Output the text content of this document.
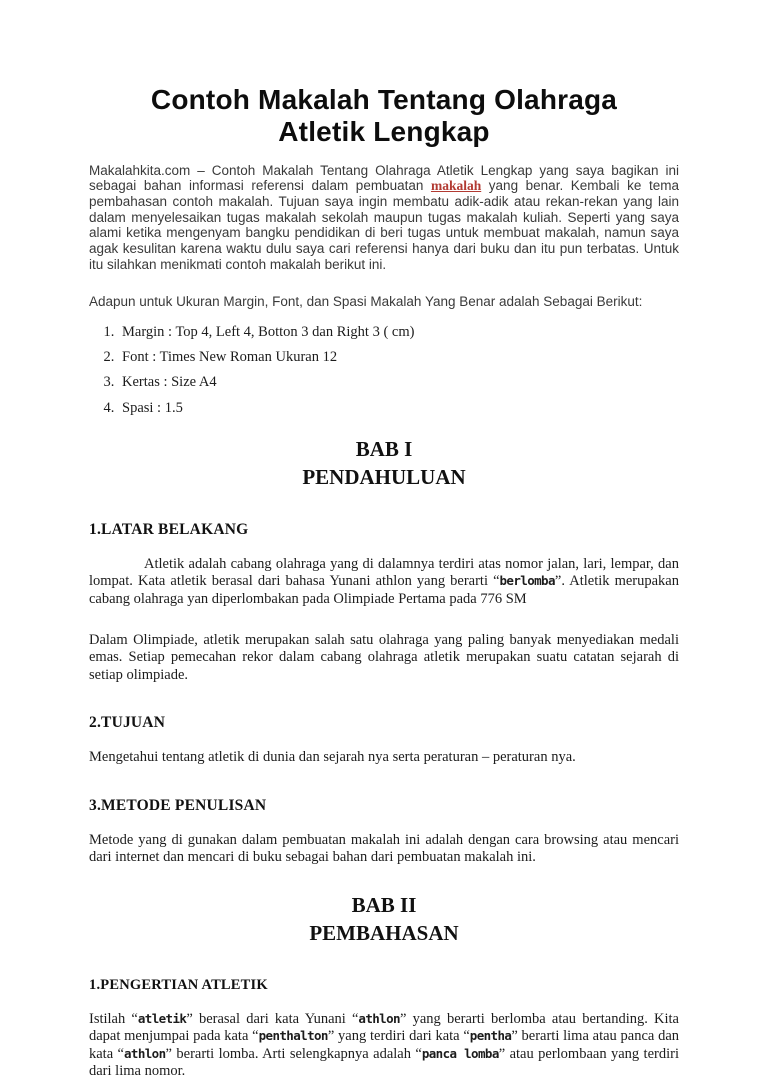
Contoh Makalah Tentang Olahraga
Atletik Lengkap

Makalahkita.com – Contoh Makalah Tentang Olahraga Atletik Lengkap yang saya bagikan ini sebagai bahan informasi referensi dalam pembuatan makalah yang benar. Kembali ke tema pembahasan contoh makalah. Tujuan saya ingin membatu adik-adik atau rekan-rekan yang lain dalam menyelesaikan tugas makalah sekolah maupun tugas makalah kuliah. Seperti yang saya alami ketika mengenyam bangku pendidikan di beri tugas untuk membuat makalah, namun saya agak kesulitan karena waktu dulu saya cari referensi hanya dari buku dan itu pun terbatas. Untuk itu silahkan menikmati contoh makalah berikut ini.

Adapun untuk Ukuran Margin, Font, dan Spasi Makalah Yang Benar adalah Sebagai Berikut:

1. Margin : Top 4, Left 4, Botton 3 dan Right 3 ( cm)
2. Font : Times New Roman Ukuran 12
3. Kertas : Size A4
4. Spasi : 1.5
BAB I
PENDAHULUAN
1.LATAR BELAKANG

Atletik adalah cabang olahraga yang di dalamnya terdiri atas nomor jalan, lari, lempar, dan lompat. Kata atletik berasal dari bahasa Yunani athlon yang berarti “berlomba”. Atletik merupakan cabang olahraga yan diperlombakan pada Olimpiade Pertama pada 776 SM

Dalam Olimpiade, atletik merupakan salah satu olahraga yang paling banyak menyediakan medali emas. Setiap pemecahan rekor dalam cabang olahraga atletik merupakan suatu catatan sejarah di setiap olimpiade.

2.TUJUAN

Mengetahui tentang atletik di dunia dan sejarah nya serta peraturan – peraturan nya.

3.METODE PENULISAN

Metode yang di gunakan dalam pembuatan makalah ini adalah dengan cara browsing atau mencari dari internet dan mencari di buku sebagai bahan dari pembuatan makalah ini.

BAB II
PEMBAHASAN
1.PENGERTIAN ATLETIK

Istilah “atletik” berasal dari kata Yunani “athlon” yang berarti berlomba atau bertanding. Kita dapat menjumpai pada kata “penthalton” yang terdiri dari kata “pentha” berarti lima atau panca dan kata “athlon” berarti lomba. Arti selengkapnya adalah “panca lomba” atau perlombaan yang terdiri dari lima nomor.
